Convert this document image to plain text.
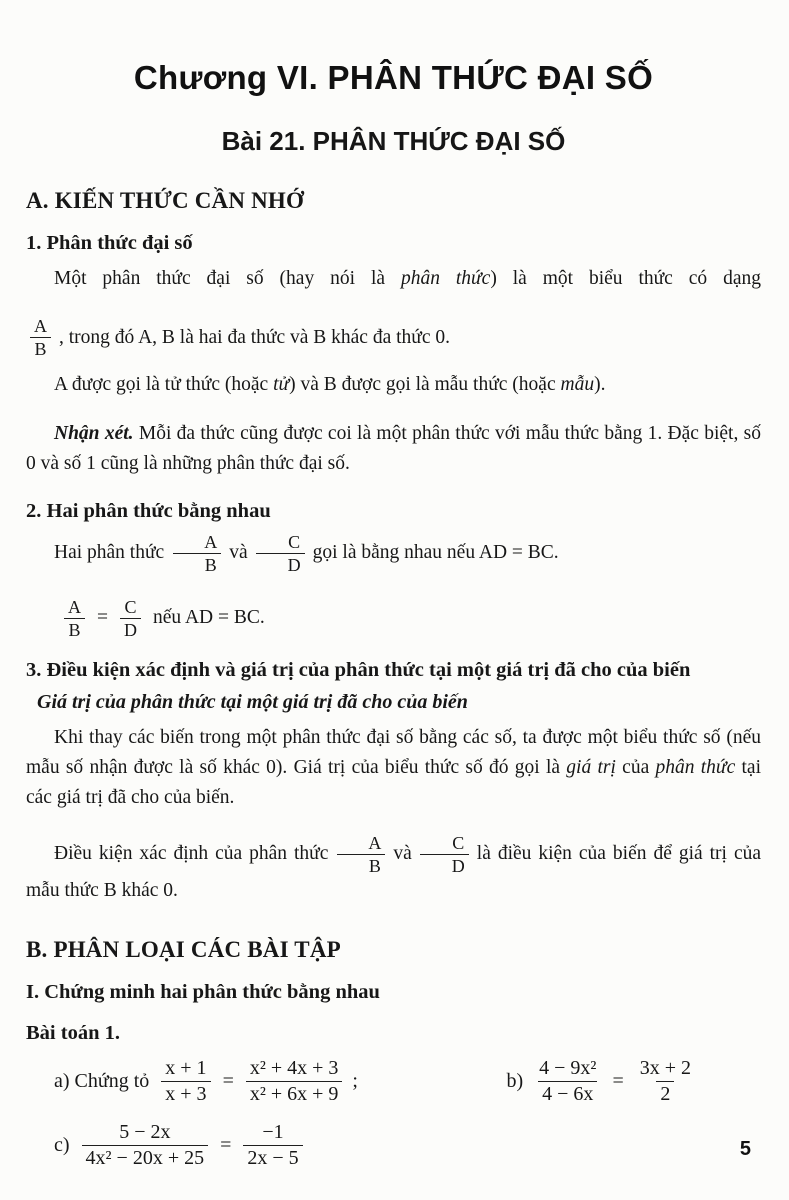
Chương VI. PHÂN THỨC ĐẠI SỐ
Bài 21. PHÂN THỨC ĐẠI SỐ
A. KIẾN THỨC CẦN NHỚ
1. Phân thức đại số

Một phân thức đại số (hay nói là phân thức) là một biểu thức có dạng

$\frac{A}{B}$ , trong đó A, B là hai đa thức và B khác đa thức 0.

A được gọi là tử thức (hoặc tử) và B được gọi là mẫu thức (hoặc mẫu).

Nhận xét. Mỗi đa thức cũng được coi là một phân thức với mẫu thức bằng 1. Đặc biệt, số 0 và số 1 cũng là những phân thức đại số.

2. Hai phân thức bằng nhau

Hai phân thức $\frac{A}{B}$ và $\frac{C}{D}$ gọi là bằng nhau nếu AD = BC.

$\frac{A}{B} = \frac{C}{D}$ nếu AD = BC.
3. Điều kiện xác định và giá trị của phân thức tại một giá trị đã cho của biến
Giá trị của phân thức tại một giá trị đã cho của biến

Khi thay các biến trong một phân thức đại số bằng các số, ta được một biểu thức số (nếu mẫu số nhận được là số khác 0). Giá trị của biểu thức số đó gọi là giá trị của phân thức tại các giá trị đã cho của biến.

Điều kiện xác định của phân thức $\frac{A}{B}$ và $\frac{C}{D}$ là điều kiện của biến để giá trị của mẫu thức B khác 0.

B. PHÂN LOẠI CÁC BÀI TẬP
I. Chứng minh hai phân thức bằng nhau
Bài toán 1.
a) Chứng tỏ $\frac{x + 1}{x + 3} = \frac{\text{x² + 4x + 3}}{\text{x² + 6x + 9}}$ ;	$b) \frac{\text{4 − 9x²}}{4 - 6x} = \frac{3x + 2}{2}$
$c) \frac{5 - 2x}{\text{4x² − 20x + 25}} = \frac{-1}{2x - 5}$	5
